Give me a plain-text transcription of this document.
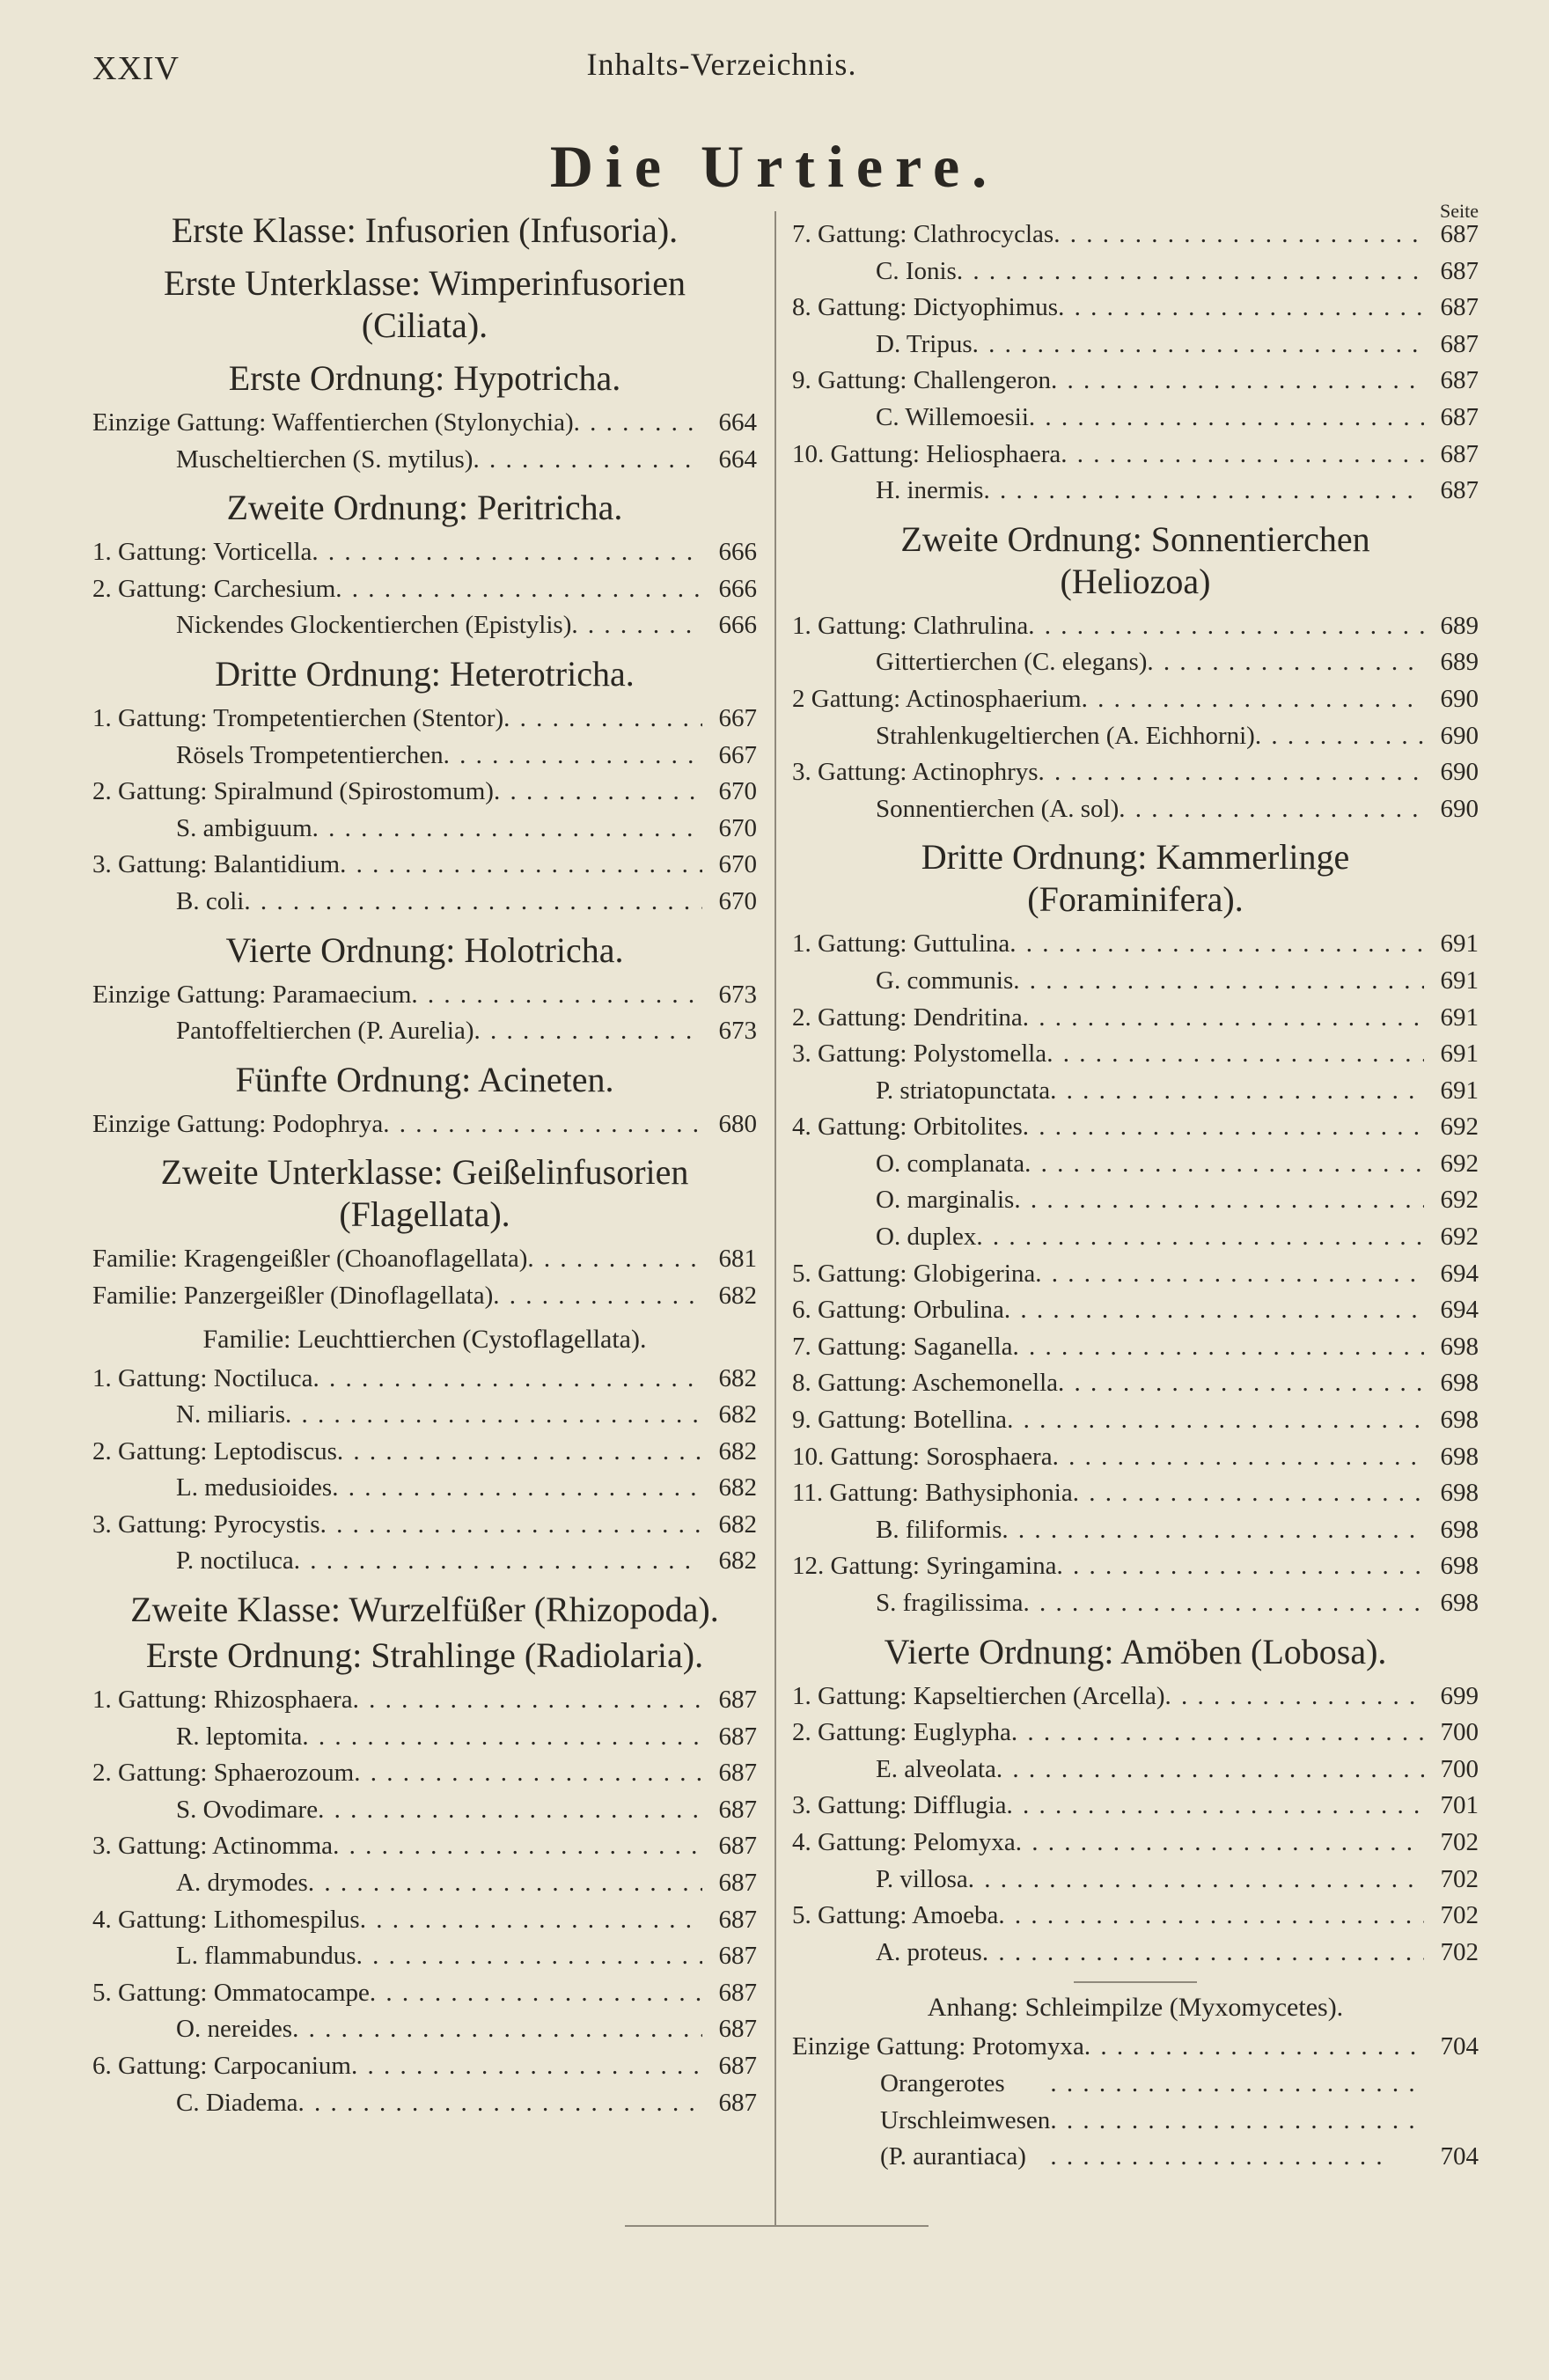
XXIV	Inhalts-Verzeichnis.
Die Urtiere.
Erste Klasse: Infusorien (Infusoria).
Erste Unterklasse: Wimperinfusorien
(Ciliata).
Erste Ordnung: Hypotricha.
Einzige Gattung: Waffentierchen (Stylonychia) . . .	664
Muscheltierchen (S. mytilus) . . .	664
Zweite Ordnung: Peritricha.
1. Gattung: Vorticella . . .	666
2. Gattung: Carchesium . . .	666
Nickendes Glockentierchen (Epistylis) . . .	666
Dritte Ordnung: Heterotricha.
1. Gattung: Trompetentierchen (Stentor) . . .	667
Rösels Trompetentierchen . . .	667
2. Gattung: Spiralmund (Spirostomum) . . .	670
S. ambiguum . . .	670
3. Gattung: Balantidium . . .	670
B. coli . . .	670
Vierte Ordnung: Holotricha.
Einzige Gattung: Paramaecium . . .	673
Pantoffeltierchen (P. Aurelia) . . .	673
Fünfte Ordnung: Acineten.
Einzige Gattung: Podophrya . . .	680
Zweite Unterklasse: Geißelinfusorien
(Flagellata).
Familie: Kragengeißler (Choanoflagellata) . . .	681
Familie: Panzergeißler (Dinoflagellata) . . .	682
Familie: Leuchttierchen (Cystoflagellata).
1. Gattung: Noctiluca . . .	682
N. miliaris . . .	682
2. Gattung: Leptodiscus . . .	682
L. medusioides . . .	682
3. Gattung: Pyrocystis . . .	682
P. noctiluca . . .	682
Zweite Klasse: Wurzelfüßer (Rhizopoda).
Erste Ordnung: Strahlinge (Radiolaria).
1. Gattung: Rhizosphaera . . .	687
R. leptomita . . .	687
2. Gattung: Sphaerozoum . . .	687
S. Ovodimare . . .	687
3. Gattung: Actinomma . . .	687
A. drymodes . . .	687
4. Gattung: Lithomespilus . . .	687
L. flammabundus . . .	687
5. Gattung: Ommatocampe . . .	687
O. nereides . . .	687
6. Gattung: Carpocanium . . .	687
C. Diadema . . .	687
Seite
7. Gattung: Clathrocyclas . . .	687
C. Ionis . . .	687
8. Gattung: Dictyophimus . . .	687
D. Tripus . . .	687
9. Gattung: Challengeron . . .	687
C. Willemoesii . . .	687
10. Gattung: Heliosphaera . . .	687
H. inermis . . .	687
Zweite Ordnung: Sonnentierchen
(Heliozoa)
1. Gattung: Clathrulina . . .	689
Gittertierchen (C. elegans) . . .	689
2 Gattung: Actinosphaerium . . .	690
Strahlenkugeltierchen (A. Eichhorni) . . .	690
3. Gattung: Actinophrys . . .	690
Sonnentierchen (A. sol) . . .	690
Dritte Ordnung: Kammerlinge
(Foraminifera).
1. Gattung: Guttulina . . .	691
G. communis . . .	691
2. Gattung: Dendritina . . .	691
3. Gattung: Polystomella . . .	691
P. striatopunctata . . .	691
4. Gattung: Orbitolites . . .	692
O. complanata . . .	692
O. marginalis . . .	692
O. duplex . . .	692
5. Gattung: Globigerina . . .	694
6. Gattung: Orbulina . . .	694
7. Gattung: Saganella . . .	698
8. Gattung: Aschemonella . . .	698
9. Gattung: Botellina . . .	698
10. Gattung: Sorosphaera . . .	698
11. Gattung: Bathysiphonia . . .	698
B. filiformis . . .	698
12. Gattung: Syringamina . . .	698
S. fragilissima . . .	698
Vierte Ordnung: Amöben (Lobosa).
1. Gattung: Kapseltierchen (Arcella) . . .	699
2. Gattung: Euglypha . . .	700
E. alveolata . . .	700
3. Gattung: Difflugia . . .	701
4. Gattung: Pelomyxa . . .	702
P. villosa . . .	702
5. Gattung: Amoeba . . .	702
A. proteus . . .	702
Anhang: Schleimpilze (Myxomycetes).
Einzige Gattung: Protomyxa . . .	704
Orangerotes Urschleimwesen (P. aurantiaca) . . .	704
